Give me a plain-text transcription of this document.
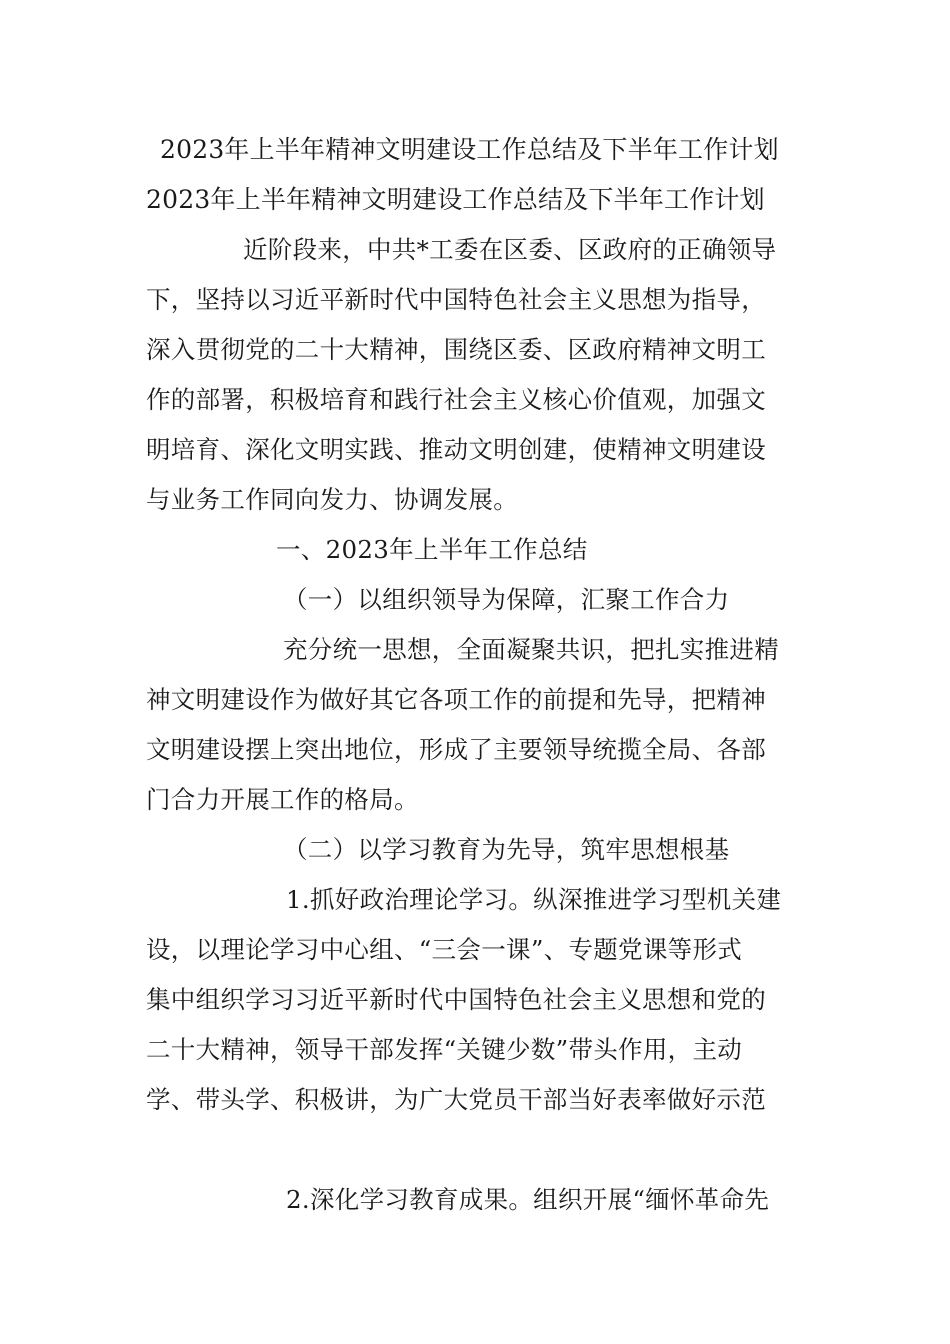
2023年上半年精神文明建设工作总结及下半年工作计划
2023年上半年精神文明建设工作总结及下半年工作计划
近阶段来，中共*工委在区委、区政府的正确领导
下，坚持以习近平新时代中国特色社会主义思想为指导，
深入贯彻党的二十大精神，围绕区委、区政府精神文明工
作的部署，积极培育和践行社会主义核心价值观，加强文
明培育、深化文明实践、推动文明创建，使精神文明建设
与业务工作同向发力、协调发展。
一、2023年上半年工作总结
（一）以组织领导为保障，汇聚工作合力
充分统一思想，全面凝聚共识，把扎实推进精
神文明建设作为做好其它各项工作的前提和先导，把精神
文明建设摆上突出地位，形成了主要领导统揽全局、各部
门合力开展工作的格局。
（二）以学习教育为先导，筑牢思想根基
1.抓好政治理论学习。纵深推进学习型机关建
设，以理论学习中心组、“三会一课”、专题党课等形式
集中组织学习习近平新时代中国特色社会主义思想和党的
二十大精神，领导干部发挥“关键少数”带头作用，主动
学、带头学、积极讲，为广大党员干部当好表率做好示范
2.深化学习教育成果。组织开展“缅怀革命先
